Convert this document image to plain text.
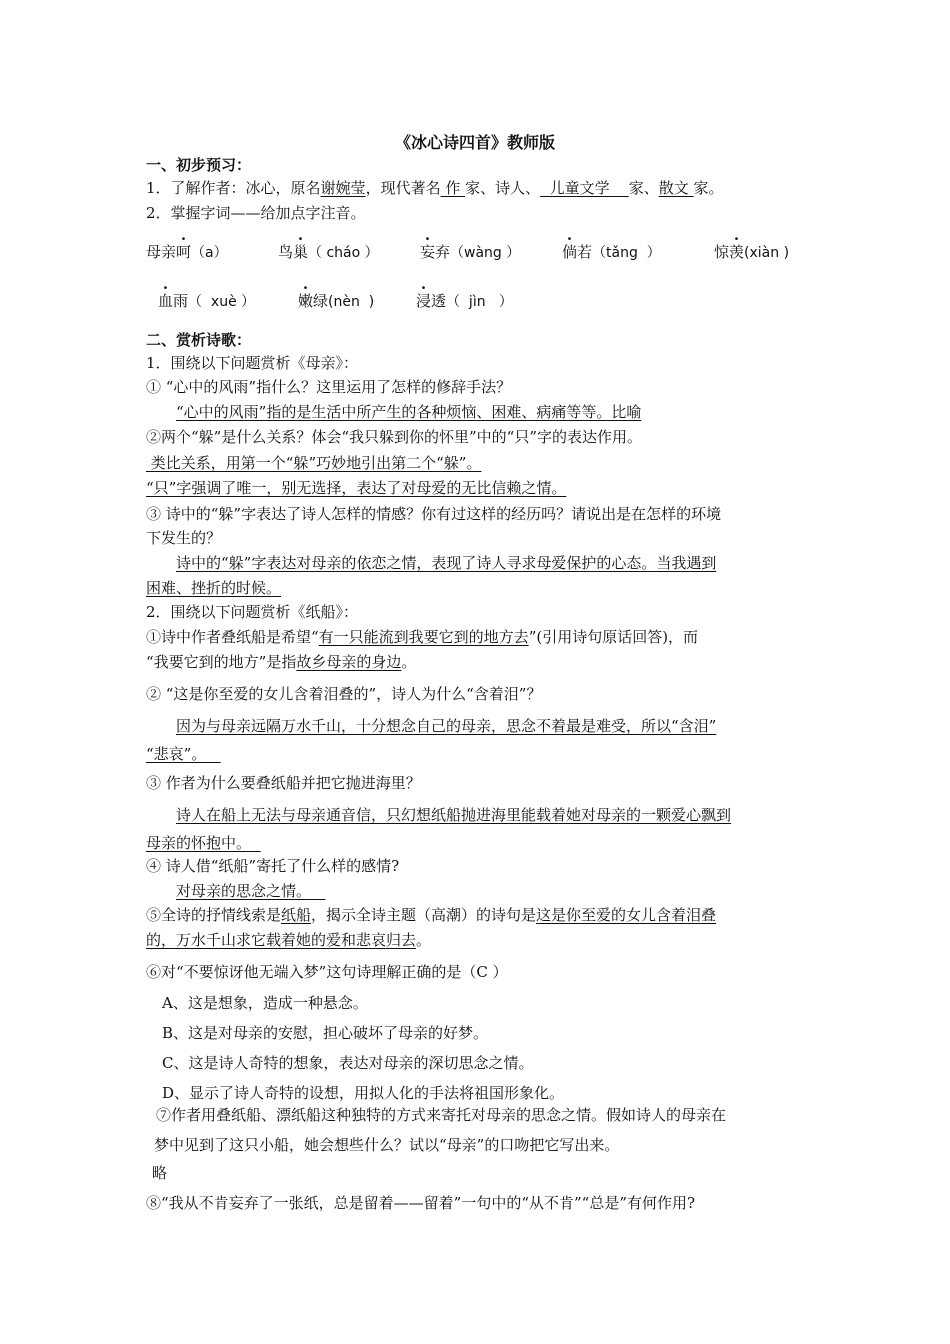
《冰心诗四首》教师版
一、初步预习：
1．了解作者：冰心，原名谢婉莹，现代著名 作 家、诗人、  儿童文学    家、散文 家。
2．掌握字词——给加点字注音。
母亲呵（a）	鸟巢（ cháo ）	妄弃（wàng ）	倘若（tǎng  ）	惊羡(xiàn )
血雨（  xuè ）	嫩绿(nèn  )	浸透（  jìn   ）
二、赏析诗歌：
1．围绕以下问题赏析《母亲》：
① “心中的风雨”指什么？这里运用了怎样的修辞手法？
“心中的风雨”指的是生活中所产生的各种烦恼、困难、病痛等等。比喻
②两个“躲”是什么关系？体会“我只躲到你的怀里”中的“只”字的表达作用。
类比关系，用第一个“躲”巧妙地引出第二个“躲”。
“只”字强调了唯一，别无选择，表达了对母爱的无比信赖之情。
③ 诗中的“躲”字表达了诗人怎样的情感？你有过这样的经历吗？请说出是在怎样的环境
下发生的？
诗中的“躲”字表达对母亲的依恋之情，表现了诗人寻求母爱保护的心态。当我遇到
困难、挫折的时候。
2．围绕以下问题赏析《纸船》：
①诗中作者叠纸船是希望“有一只能流到我要它到的地方去”(引用诗句原话回答)，而
“我要它到的地方”是指故乡母亲的身边。
② “这是你至爱的女儿含着泪叠的”，诗人为什么“含着泪”？
因为与母亲远隔万水千山，十分想念自己的母亲，思念不着最是难受，所以“含泪”
“悲哀”。
③ 作者为什么要叠纸船并把它抛进海里？
诗人在船上无法与母亲通音信，只幻想纸船抛进海里能载着她对母亲的一颗爱心飘到
母亲的怀抱中。
④ 诗人借“纸船”寄托了什么样的感情?
对母亲的思念之情。
⑤全诗的抒情线索是纸船，揭示全诗主题（高潮）的诗句是这是你至爱的女儿含着泪叠
的，万水千山求它载着她的爱和悲哀归去。
⑥对“不要惊讶他无端入梦”这句诗理解正确的是（C ）
A、这是想象，造成一种悬念。
B、这是对母亲的安慰，担心破坏了母亲的好梦。
C、这是诗人奇特的想象，表达对母亲的深切思念之情。
D、显示了诗人奇特的设想，用拟人化的手法将祖国形象化。
⑦作者用叠纸船、漂纸船这种独特的方式来寄托对母亲的思念之情。假如诗人的母亲在
梦中见到了这只小船，她会想些什么？试以“母亲”的口吻把它写出来。
略
⑧“我从不肯妄弃了一张纸，总是留着——留着”一句中的“从不肯”“总是”有何作用?
